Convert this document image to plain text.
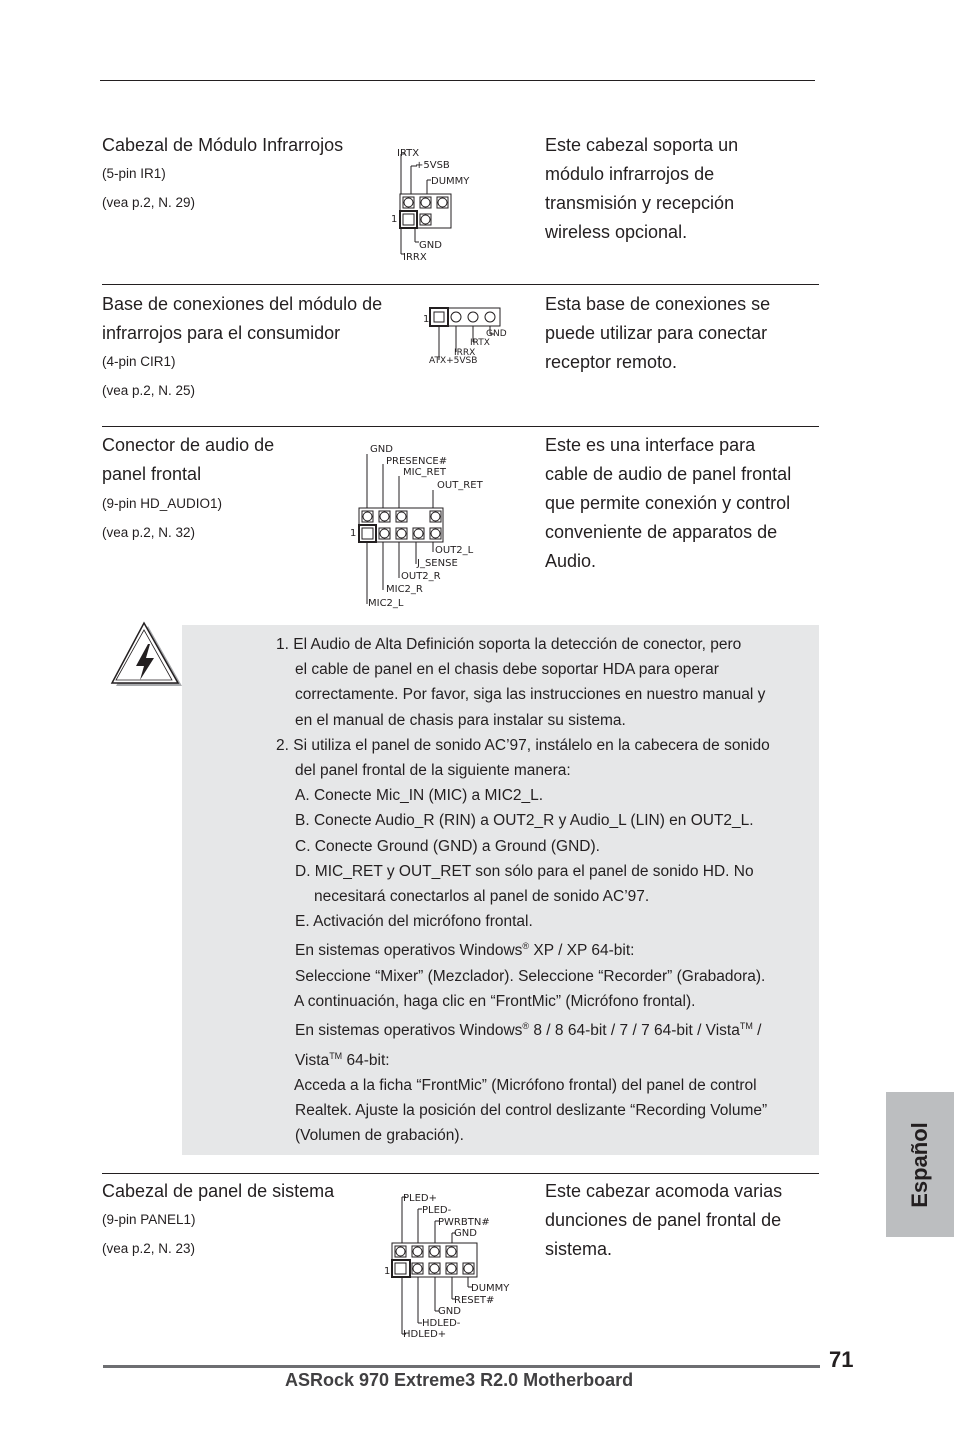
Cabezal de Módulo Infrarrojos
(5-pin IR1)
(vea p.2, N. 29)
Este cabezal soporta un
módulo infrarrojos de
transmisión y recepción
wireless opcional.
IRTX
+5VSB
DUMMY
1
GND
IRRX
Base de conexiones del módulo de
infrarrojos para el consumidor
(4-pin CIR1)
(vea p.2, N. 25)
Esta base de conexiones se
puede utilizar para conectar
receptor remoto.
1
GND
IRTX
IRRX
ATX+5VSB
Conector de audio de
panel frontal
(9-pin HD_AUDIO1)
(vea p.2, N. 32)
Este es una interface para
cable de audio de panel frontal
que permite conexión y control
conveniente de apparatos de
Audio.
GND
PRESENCE#
MIC_RET
OUT_RET
1
OUT2_L
J_SENSE
OUT2_R
MIC2_R
MIC2_L

1. El Audio de Alta Definición soporta la detección de conector, pero

el cable de panel en el chasis debe soportar HDA para operar

correctamente. Por favor, siga las instrucciones en nuestro manual y

en el manual de chasis para instalar su sistema.

2. Si utiliza el panel de sonido AC’97, instálelo en la cabecera de sonido

del panel frontal de la siguiente manera:

A. Conecte Mic_IN (MIC) a MIC2_L.

B. Conecte Audio_R (RIN) a OUT2_R y Audio_L (LIN) en OUT2_L.

C. Conecte Ground (GND) a Ground (GND).

D. MIC_RET y OUT_RET son sólo para el panel de sonido HD. No

necesitará conectarlos al panel de sonido AC’97.

E. Activación del micrófono frontal.

En sistemas operativos Windows® XP / XP 64-bit:

Seleccione “Mixer” (Mezclador). Seleccione “Recorder” (Grabadora).

A continuación, haga clic en “FrontMic” (Micrófono frontal).

En sistemas operativos Windows® 8 / 8 64-bit / 7 / 7 64-bit / Vista™ /

Vista™ 64-bit:

Acceda a la ficha “FrontMic” (Micrófono frontal) del panel de control

Realtek. Ajuste la posición del control deslizante “Recording Volume”

(Volumen de grabación).

Cabezal de panel de sistema
(9-pin PANEL1)
(vea p.2, N. 23)
Este cabezar acomoda varias
dunciones de panel frontal de
sistema.
PLED+
PLED-
PWRBTN#
GND
1
DUMMY
RESET#
GND
HDLED-
HDLED+
Español
71
ASRock 970 Extreme3 R2.0 Motherboard
